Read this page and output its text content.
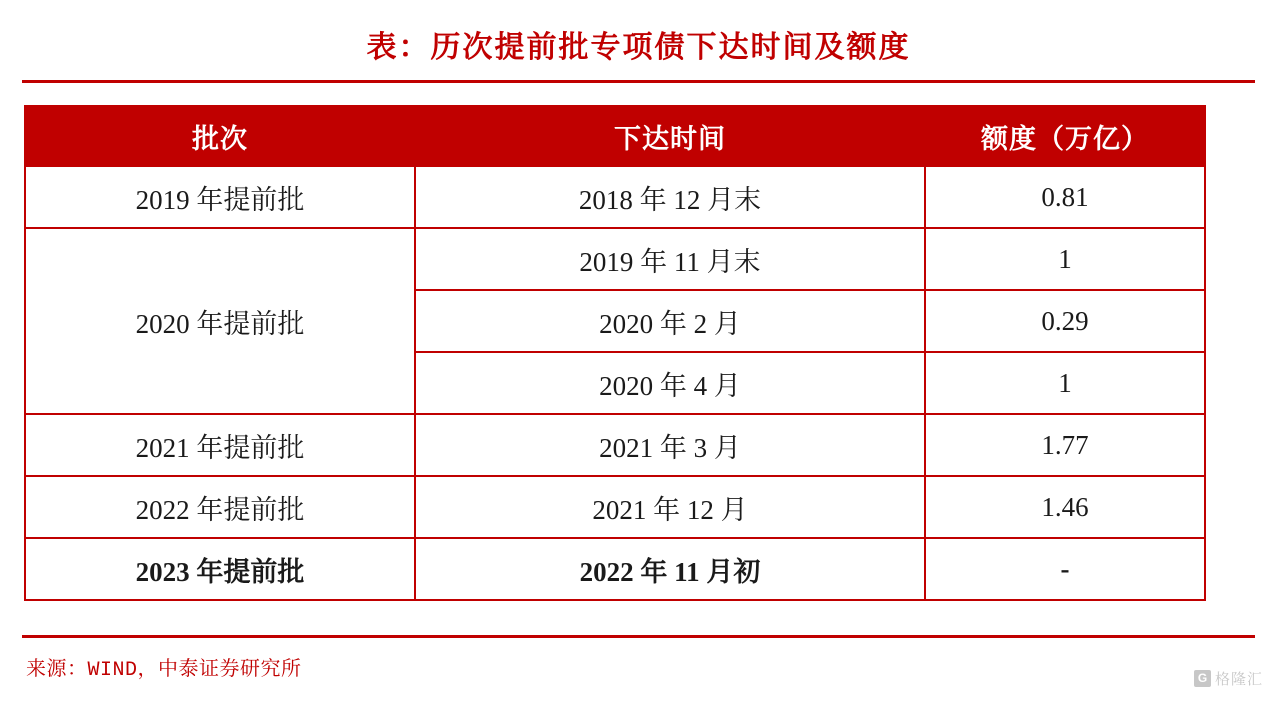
表：历次提前批专项债下达时间及额度
批次	下达时间	额度（万亿）
2019 年提前批	2018 年 12 月末	0.81
2020 年提前批	2019 年 11 月末	1
	2020 年 2 月	0.29
	2020 年 4 月	1
2021 年提前批	2021 年 3 月	1.77
2022 年提前批	2021 年 12 月	1.46
2023 年提前批	2022 年 11 月初	-
来源：WIND，中泰证券研究所	G 格隆汇
